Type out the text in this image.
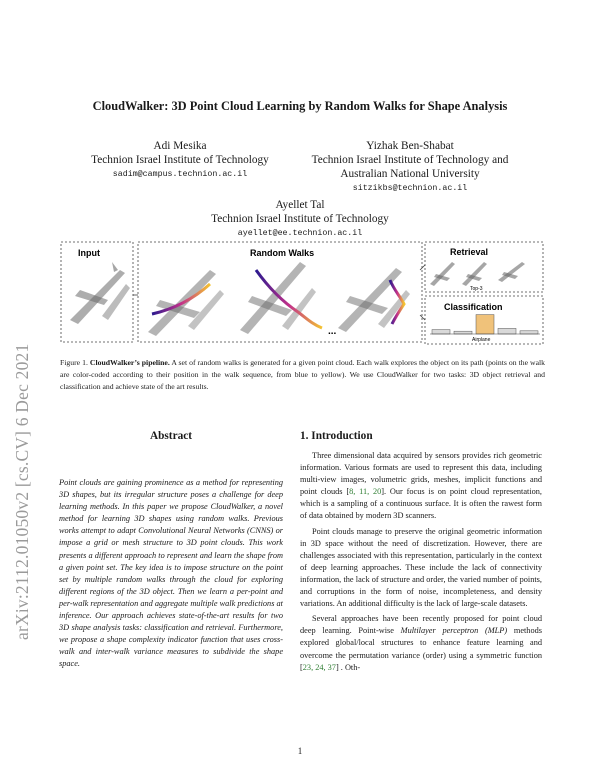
arXiv:2112.01050v2 [cs.CV] 6 Dec 2021
CloudWalker: 3D Point Cloud Learning by Random Walks for Shape Analysis
Adi Mesika
Technion Israel Institute of Technology
sadim@campus.technion.ac.il
Yizhak Ben-Shabat
Technion Israel Institute of Technology and
Australian National University
sitzikbs@technion.ac.il
Ayellet Tal
Technion Israel Institute of Technology
ayellet@ee.technion.ac.il
Input	Random Walks	Retrieval
Top-3
Classification
Airplane
...
Figure 1. CloudWalker’s pipeline. A set of random walks is generated for a given point cloud. Each walk explores the object on its path (points on the walk are color-coded according to their position in the walk sequence, from blue to yellow). We use CloudWalker for two tasks: 3D object retrieval and classification and achieve state of the art results.
Abstract
Point clouds are gaining prominence as a method for representing 3D shapes, but its irregular structure poses a challenge for deep learning methods. In this paper we propose CloudWalker, a novel method for learning 3D shapes using random walks. Previous works attempt to adapt Convolutional Neural Networks (CNNS) or impose a grid or mesh structure to 3D point clouds. This work presents a different approach to represent and learn the shape from a given point set. The key idea is to impose structure on the point set by multiple random walks through the cloud for exploring different regions of the 3D object. Then we learn a per-point and per-walk representation and aggregate multiple walk predictions at inference. Our approach achieves state-of-the-art results for two 3D shape analysis tasks: classification and retrieval. Furthermore, we propose a shape complexity indicator function that uses cross-walk and inter-walk variance measures to subdivide the shape space.
1. Introduction

Three dimensional data acquired by sensors provides rich geometric information. Various formats are used to represent this data, including multi-view images, volumetric grids, meshes, implicit functions and point clouds [8, 11, 20]. Our focus is on point cloud representation, which is a sampling of a continuous surface. It is often the rawest form of data obtained by modern 3D scanners.

Point clouds manage to preserve the original geometric information in 3D space without the need of discretization. However, there are challenges associated with this representation, particularly in the context of deep learning approaches. These include the lack of connectivity information, the lack of structure and order, the varied number of points, and corruptions in the form of noise, incompleteness, and density variations. An additional difficulty is the lack of large-scale datasets.

Several approaches have been recently proposed for point cloud deep learning. Point-wise Multilayer perceptron (MLP) methods explored global/local structures to enhance feature learning and overcome the permutation variance (order) using a symmetric function [23, 24, 37] . Oth-

1
